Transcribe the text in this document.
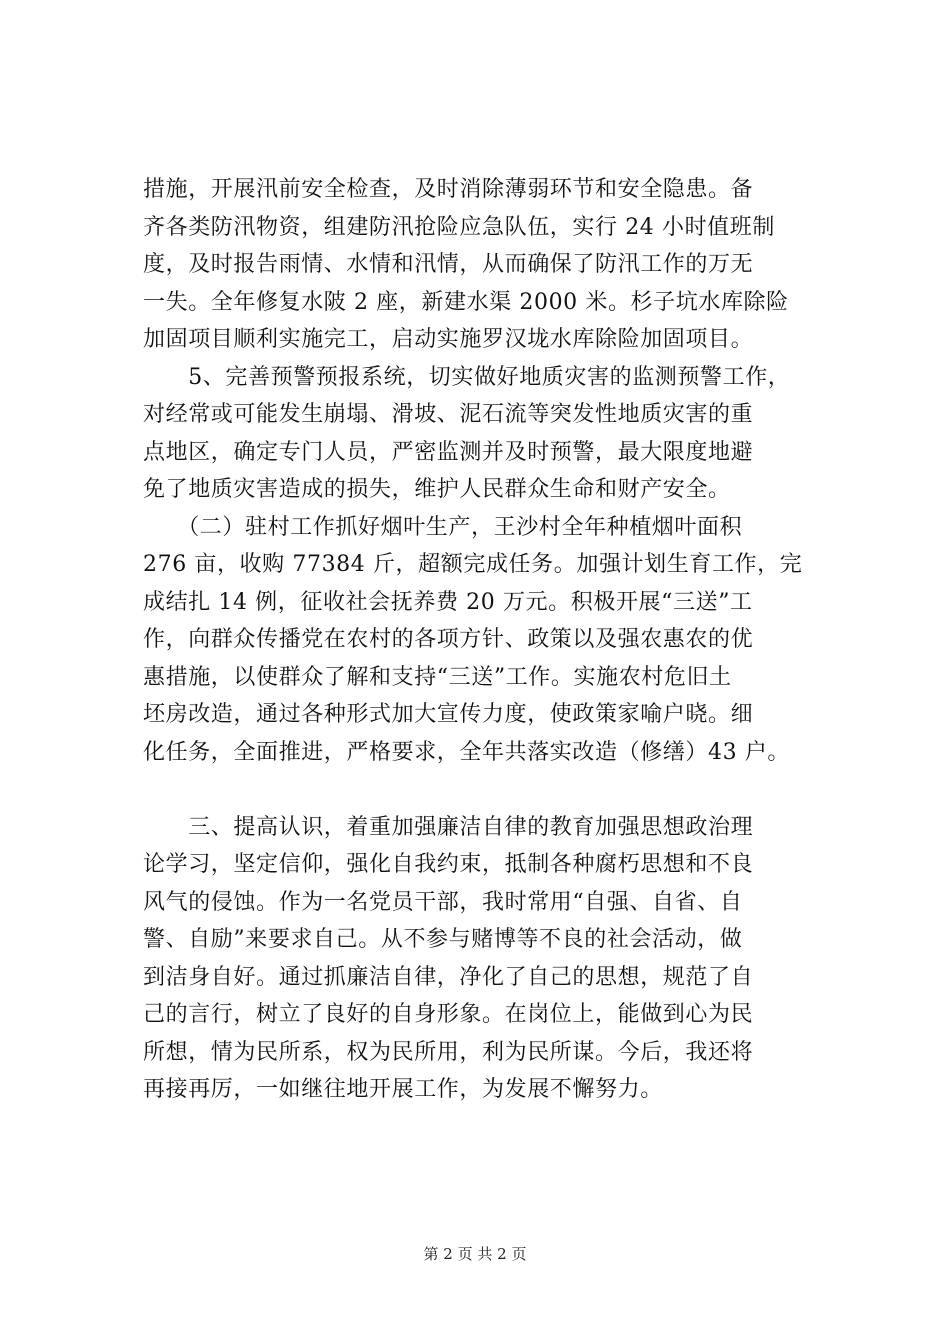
措施，开展汛前安全检查，及时消除薄弱环节和安全隐患。备
齐各类防汛物资，组建防汛抢险应急队伍，实行 24 小时值班制
度，及时报告雨情、水情和汛情，从而确保了防汛工作的万无
一失。全年修复水陂 2 座，新建水渠 2000 米。杉子坑水库除险
加固项目顺利实施完工，启动实施罗汉垅水库除险加固项目。
　　5、完善预警预报系统，切实做好地质灾害的监测预警工作，
对经常或可能发生崩塌、滑坡、泥石流等突发性地质灾害的重
点地区，确定专门人员，严密监测并及时预警，最大限度地避
免了地质灾害造成的损失，维护人民群众生命和财产安全。
　　（二）驻村工作抓好烟叶生产，王沙村全年种植烟叶面积
276 亩，收购 77384 斤，超额完成任务。加强计划生育工作，完
成结扎 14 例，征收社会抚养费 20 万元。积极开展“三送”工
作，向群众传播党在农村的各项方针、政策以及强农惠农的优
惠措施，以使群众了解和支持“三送”工作。实施农村危旧土
坯房改造，通过各种形式加大宣传力度，使政策家喻户晓。细
化任务，全面推进，严格要求，全年共落实改造（修缮）43 户。
　　三、提高认识，着重加强廉洁自律的教育加强思想政治理
论学习，坚定信仰，强化自我约束，抵制各种腐朽思想和不良
风气的侵蚀。作为一名党员干部，我时常用“自强、自省、自
警、自励”来要求自己。从不参与赌博等不良的社会活动，做
到洁身自好。通过抓廉洁自律，净化了自己的思想，规范了自
己的言行，树立了良好的自身形象。在岗位上，能做到心为民
所想，情为民所系，权为民所用，利为民所谋。今后，我还将
再接再厉，一如继往地开展工作，为发展不懈努力。
第 2 页 共 2 页
